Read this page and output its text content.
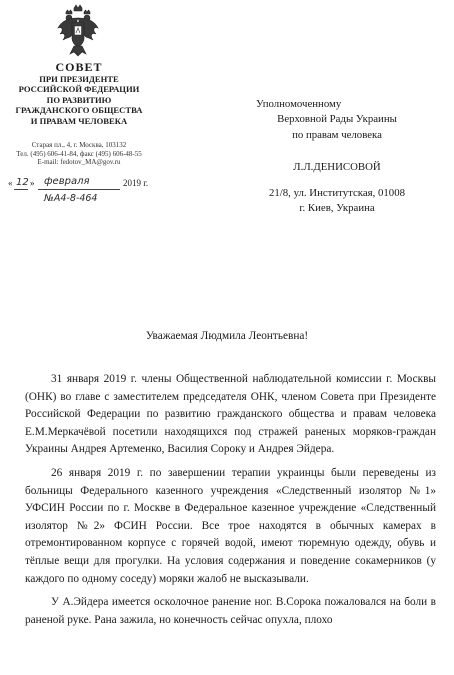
СОВЕТ
ПРИ ПРЕЗИДЕНТЕ
РОССИЙСКОЙ ФЕДЕРАЦИИ
ПО РАЗВИТИЮ
ГРАЖДАНСКОГО ОБЩЕСТВА
И ПРАВАМ ЧЕЛОВЕКА
Старая пл., 4, г. Москва, 103132
Тел. (495) 606-41-84, факс (495) 606-48-55
E-mail: fedotov_MA@gov.ru
« 12 » февраля	2019 г.
№А4-8-464
Уполномоченному
Верховной Рады Украины
по правам человека
Л.Л.ДЕНИСОВОЙ
21/8, ул. Институтская, 01008
г. Киев, Украина
Уважаемая Людмила Леонтьевна!

31 января 2019 г. члены Общественной наблюдательной комиссии г. Москвы (ОНК) во главе с заместителем председателя ОНК, членом Совета при Президенте Российской Федерации по развитию гражданского общества и правам человека Е.М.Меркачёвой посетили находящихся под стражей раненых моряков-граждан Украины Андрея Артеменко, Василия Сороку и Андрея Эйдера.

26 января 2019 г. по завершении терапии украинцы были переведены из больницы Федерального казенного учреждения «Следственный изолятор №1» УФСИН России по г. Москве в Федеральное казенное учреждение «Следственный изолятор №2» ФСИН России. Все трое находятся в обычных камерах в отремонтированном корпусе с горячей водой, имеют тюремную одежду, обувь и тёплые вещи для прогулки. На условия содержания и поведение сокамерников (у каждого по одному соседу) моряки жалоб не высказывали.

У А.Эйдера имеется осколочное ранение ног. В.Сорока пожаловался на боли в раненой руке. Рана зажила, но конечность сейчас опухла, плохо
